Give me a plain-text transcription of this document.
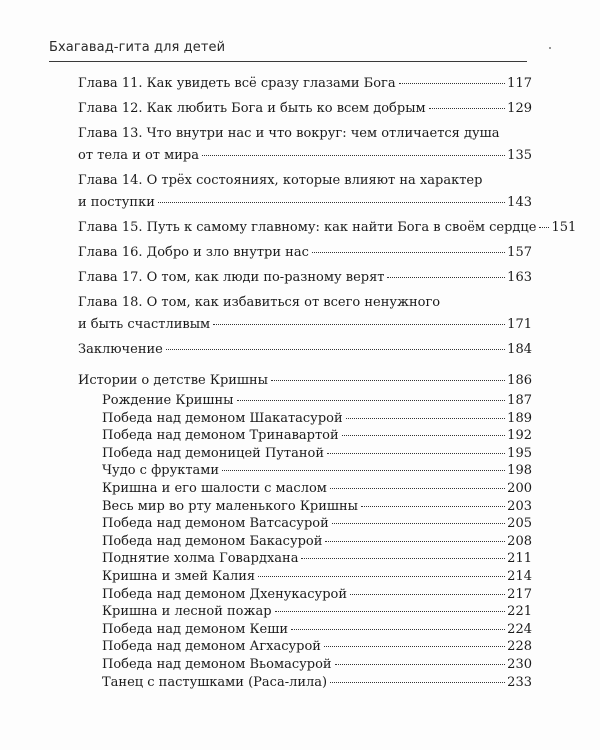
Бхагавад-гита для детей
Глава 11. Как увидеть всё сразу глазами Бога	117
Глава 12. Как любить Бога и быть ко всем добрым	129
Глава 13. Что внутри нас и что вокруг: чем отличается душа
от тела и от мира	135
Глава 14. О трёх состояниях, которые влияют на характер
и поступки	143
Глава 15. Путь к самому главному: как найти Бога в своём сердце 151
Глава 16. Добро и зло внутри нас	157
Глава 17. О том, как люди по-разному верят	163
Глава 18. О том, как избавиться от всего ненужного
и быть счастливым	171
Заключение	184
Истории о детстве Кришны	186
Рождение Кришны	187
Победа над демоном Шакатасурой	189
Победа над демоном Тринавартой	192
Победа над демоницей Путаной	195
Чудо с фруктами	198
Кришна и его шалости с маслом	200
Весь мир во рту маленького Кришны	203
Победа над демоном Ватсасурой	205
Победа над демоном Бакасурой	208
Поднятие холма Говардхана	211
Кришна и змей Калия	214
Победа над демоном Дхенукасурой	217
Кришна и лесной пожар	221
Победа над демоном Кеши	224
Победа над демоном Агхасурой	228
Победа над демоном Вьомасурой	230
Танец с пастушками (Раса-лила)	233
